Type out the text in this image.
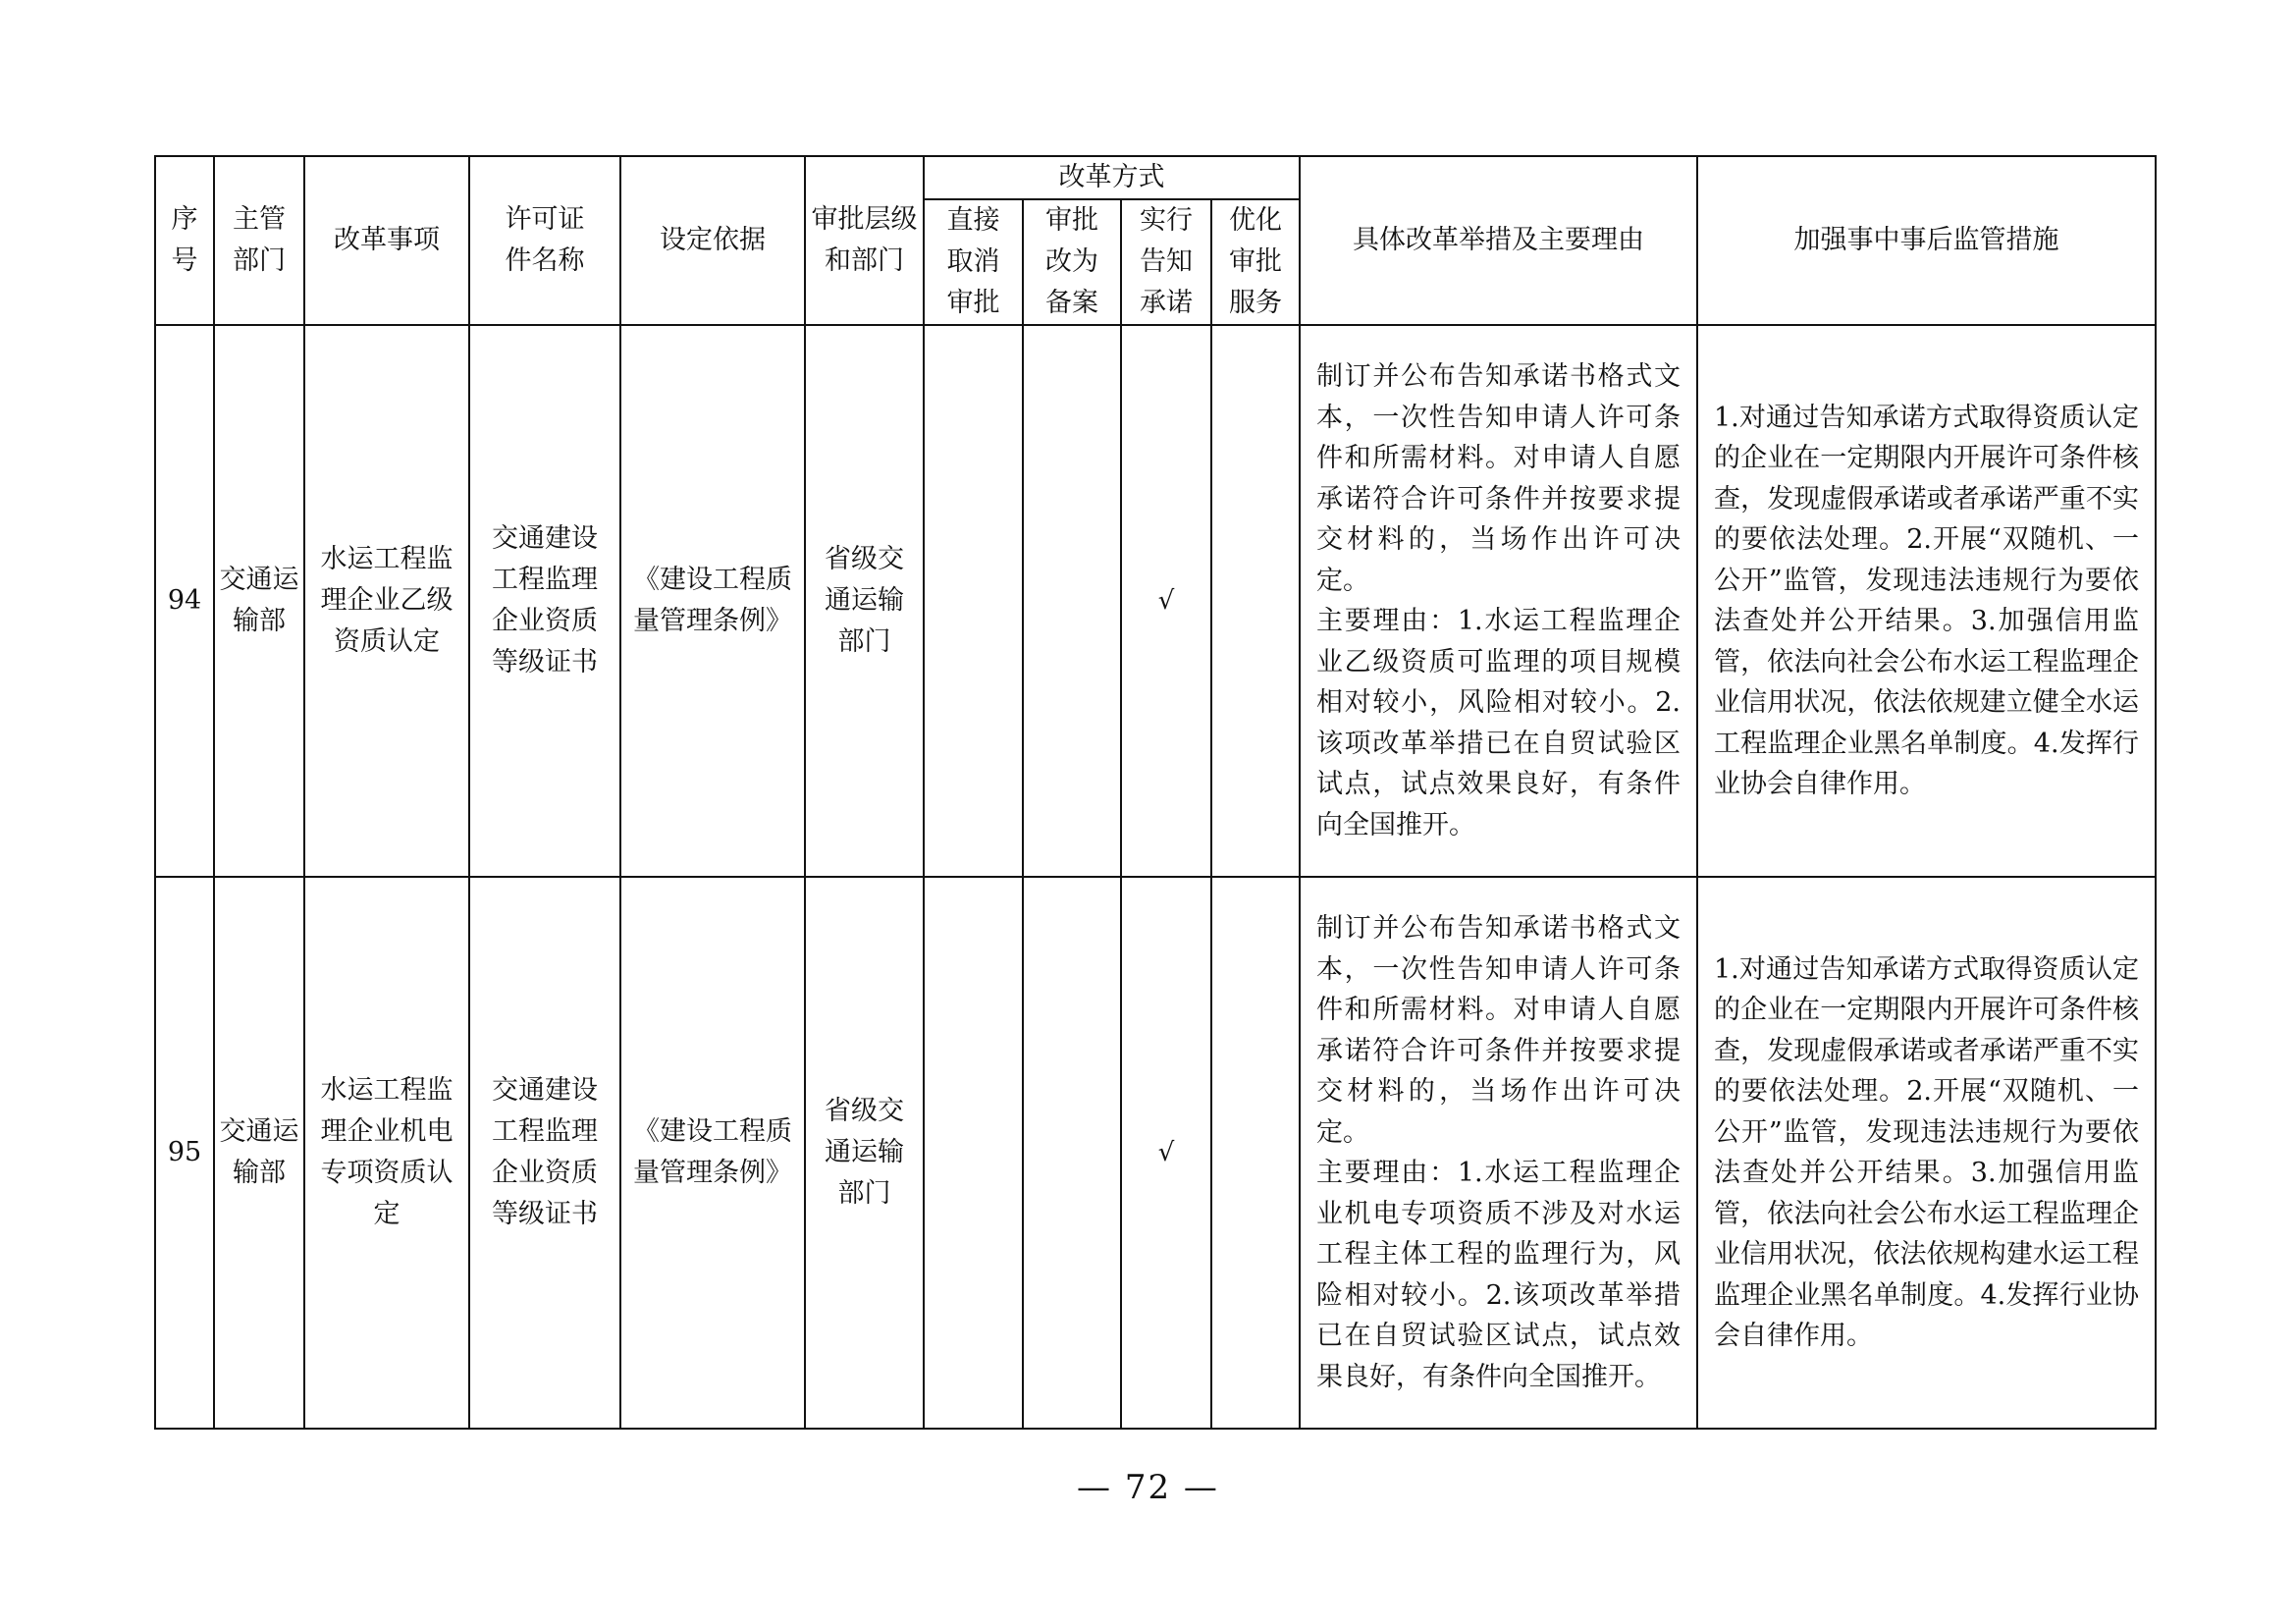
序号	主管部门	改革事项	许可证件名称	设定依据	审批层级和部门	改革方式				具体改革举措及主要理由	加强事中事后监管措施

						直接取消审批	审批改为备案	实行告知承诺	优化审批服务		

94	交通运输部	水运工程监理企业乙级资质认定	交通建设工程监理企业资质等级证书	《建设工程质量管理条例》	省级交通运输部门			√		制订并公布告知承诺书格式文本，一次性告知申请人许可条件和所需材料。对申请人自愿承诺符合许可条件并按要求提交材料的，当场作出许可决定。
主要理由：1.水运工程监理企业乙级资质可监理的项目规模相对较小，风险相对较小。2.该项改革举措已在自贸试验区试点，试点效果良好，有条件向全国推开。	1.对通过告知承诺方式取得资质认定的企业在一定期限内开展许可条件核查，发现虚假承诺或者承诺严重不实的要依法处理。2.开展“双随机、一公开”监管，发现违法违规行为要依法查处并公开结果。3.加强信用监管，依法向社会公布水运工程监理企业信用状况，依法依规建立健全水运工程监理企业黑名单制度。4.发挥行业协会自律作用。

95	交通运输部	水运工程监理企业机电专项资质认定	交通建设工程监理企业资质等级证书	《建设工程质量管理条例》	省级交通运输部门			√		制订并公布告知承诺书格式文本，一次性告知申请人许可条件和所需材料。对申请人自愿承诺符合许可条件并按要求提交材料的，当场作出许可决定。
主要理由：1.水运工程监理企业机电专项资质不涉及对水运工程主体工程的监理行为，风险相对较小。2.该项改革举措已在自贸试验区试点，试点效果良好，有条件向全国推开。	1.对通过告知承诺方式取得资质认定的企业在一定期限内开展许可条件核查，发现虚假承诺或者承诺严重不实的要依法处理。2.开展“双随机、一公开”监管，发现违法违规行为要依法查处并公开结果。3.加强信用监管，依法向社会公布水运工程监理企业信用状况，依法依规构建水运工程监理企业黑名单制度。4.发挥行业协会自律作用。
— 72 —
